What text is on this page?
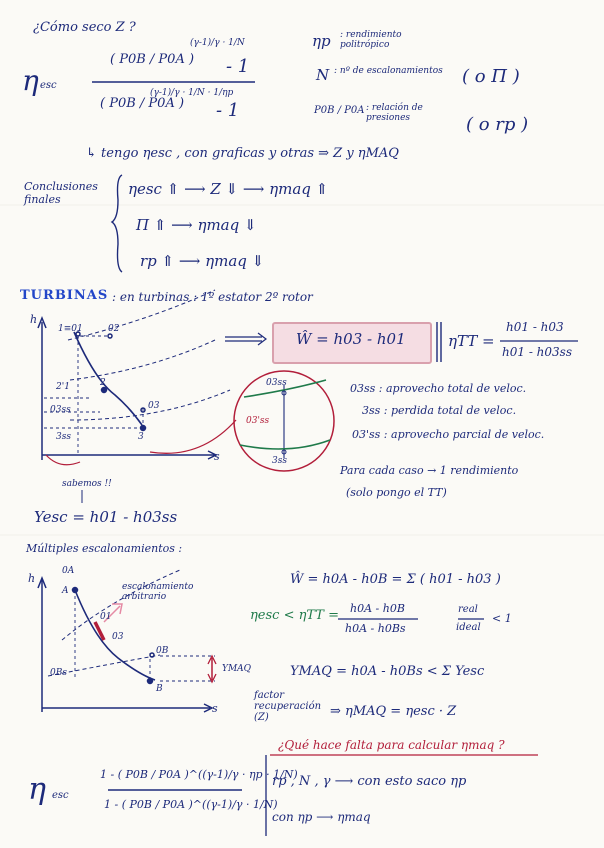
¿Cómo seco Z ?
η esc
( P0B / P0A )
(γ-1)/γ · 1/N
- 1
( P0B / P0A )
(γ-1)/γ · 1/N · 1/ηp
- 1
ηp : rendimiento politrópico
N : nº de escalonamientos
P0B / P0A : relación de presiones
( o Π )
( o rp )
↳ tengo ηesc , con graficas y otras ⇒ Z y ηMAQ
Conclusiones finales
ηesc ⇑ ⟶ Z ⇓ ⟶ ηmaq ⇑
Π ⇑ ⟶ ηmaq ⇓
rp ⇑ ⟶ ηmaq ⇓
TURBINAS : en turbinas : 1º estator 2º rotor
h
s
1≡01	02
2
03
3
2'1
03ss
3ss
03ss
03'ss
3ss
Ŵ = h03 - h01	ηTT =
h01 - h03
h01 - h03ss
03ss : aprovecho total de veloc.
3ss : perdida total de veloc.
03'ss : aprovecho parcial de veloc.
Para cada caso → 1 rendimiento
(solo pongo el TT)
sabemos !!
Yesc = h01 - h03ss
Múltiples escalonamientos :
h
s
0A
A
0B
B
0Bs
01
03
escalonamiento arbitrario
YMAQ
Ŵ = h0A - h0B = Σ ( h01 - h03 )
ηesc < ηTT = h0A - h0B
h0A - h0Bs
real
ideal
< 1
YMAQ = h0A - h0Bs < Σ Yesc
factor recuperación (Z)	⇒ ηMAQ = ηesc · Z
η esc
1 - ( P0B / P0A )^((γ-1)/γ · ηp · 1/N)
1 - ( P0B / P0A )^((γ-1)/γ · 1/N)
¿Qué hace falta para calcular ηmaq ?
rp , N , γ ⟶ con esto saco ηp
con ηp ⟶ ηmaq
